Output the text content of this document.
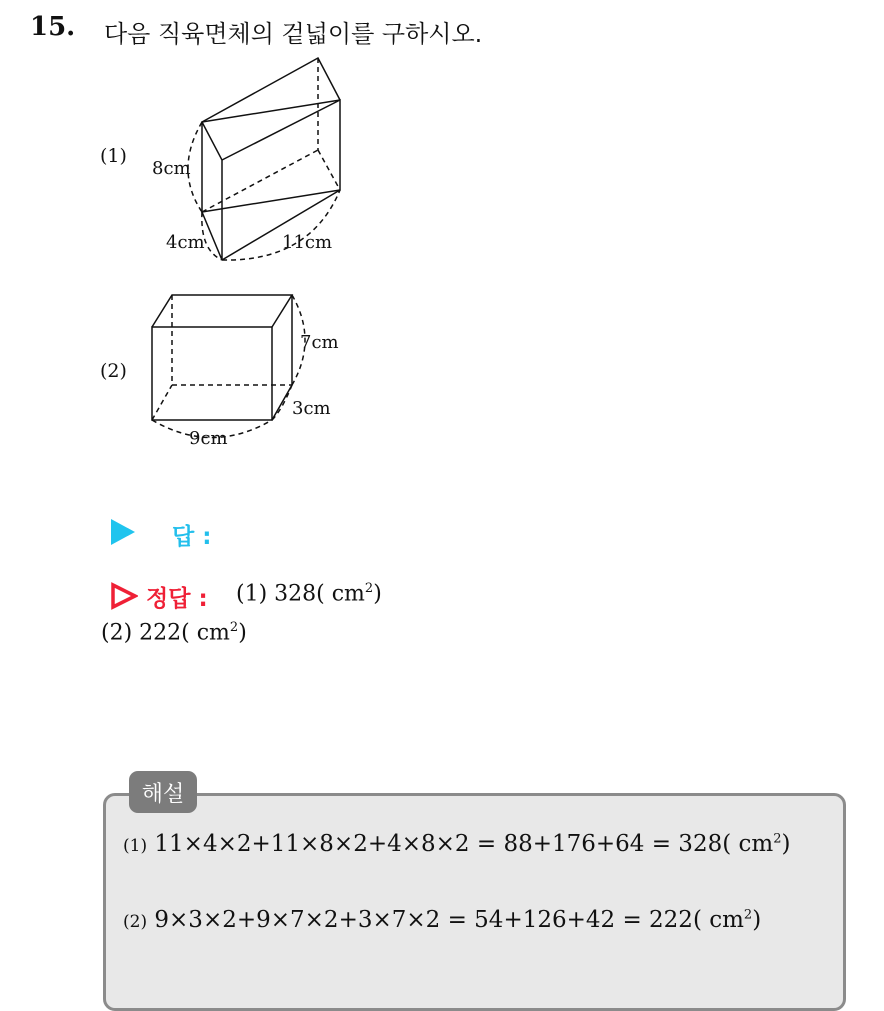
15. 다음 직육면체의 겉넓이를 구하시오.
(1)
8cm
4cm	11cm
(2)
7cm
3cm
9cm
답 :
정답 : (1) 328( $cm^2$)
(2) 222( $cm^2$)
해설
(1) 11×4×2+11×8×2+4×8×2 = 88+176+64 = 328( $cm^2$)
(2) 9×3×2+9×7×2+3×7×2 = 54+126+42 = 222( $cm^2$)
